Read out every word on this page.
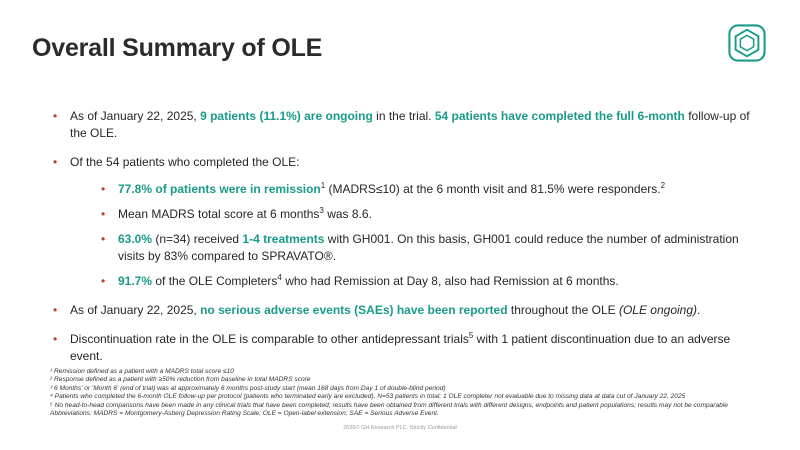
Overall Summary of OLE
• As of January 22, 2025, 9 patients (11.1%) are ongoing in the trial. 54 patients have completed the full 6-month follow-up of the OLE.
• Of the 54 patients who completed the OLE:
• 77.8% of patients were in remission$^1$ (MADRS≤10) at the 6 month visit and 81.5% were responders.$^2$
• Mean MADRS total score at 6 months$^3$ was 8.6.
• 63.0% (n=34) received 1-4 treatments with GH001. On this basis, GH001 could reduce the number of administration visits by 83% compared to SPRAVATO®.
• 91.7% of the OLE Completers$^4$ who had Remission at Day 8, also had Remission at 6 months.
• As of January 22, 2025, no serious adverse events (SAEs) have been reported throughout the OLE (OLE ongoing).
• Discontinuation rate in the OLE is comparable to other antidepressant trials$^5$ with 1 patient discontinuation due to an adverse event.
¹ Remission defined as a patient with a MADRS total score ≤10
² Response defined as a patient with ≥50% reduction from baseline in total MADRS score
³ 6 Months' or 'Month 6' (end of trial) was at approximately 6 months post-study start (mean 168 days from Day 1 of double-blind period)
⁴ Patients who completed the 6-month OLE follow-up per protocol (patients who terminated early are excluded), N=53 patients in total; 1 OLE completer not evaluable due to missing data at data cut of January 22, 2025
⁵ No head-to-head comparisons have been made in any clinical trials that have been completed; results have been obtained from different trials with different designs, endpoints and patient populations; results may not be comparable
Abbreviations: MADRS = Montgomery-Åsberg Depression Rating Scale; OLE = Open-label extension; SAE = Serious Adverse Event.
2025© GH Research PLC. Strictly Confidential
